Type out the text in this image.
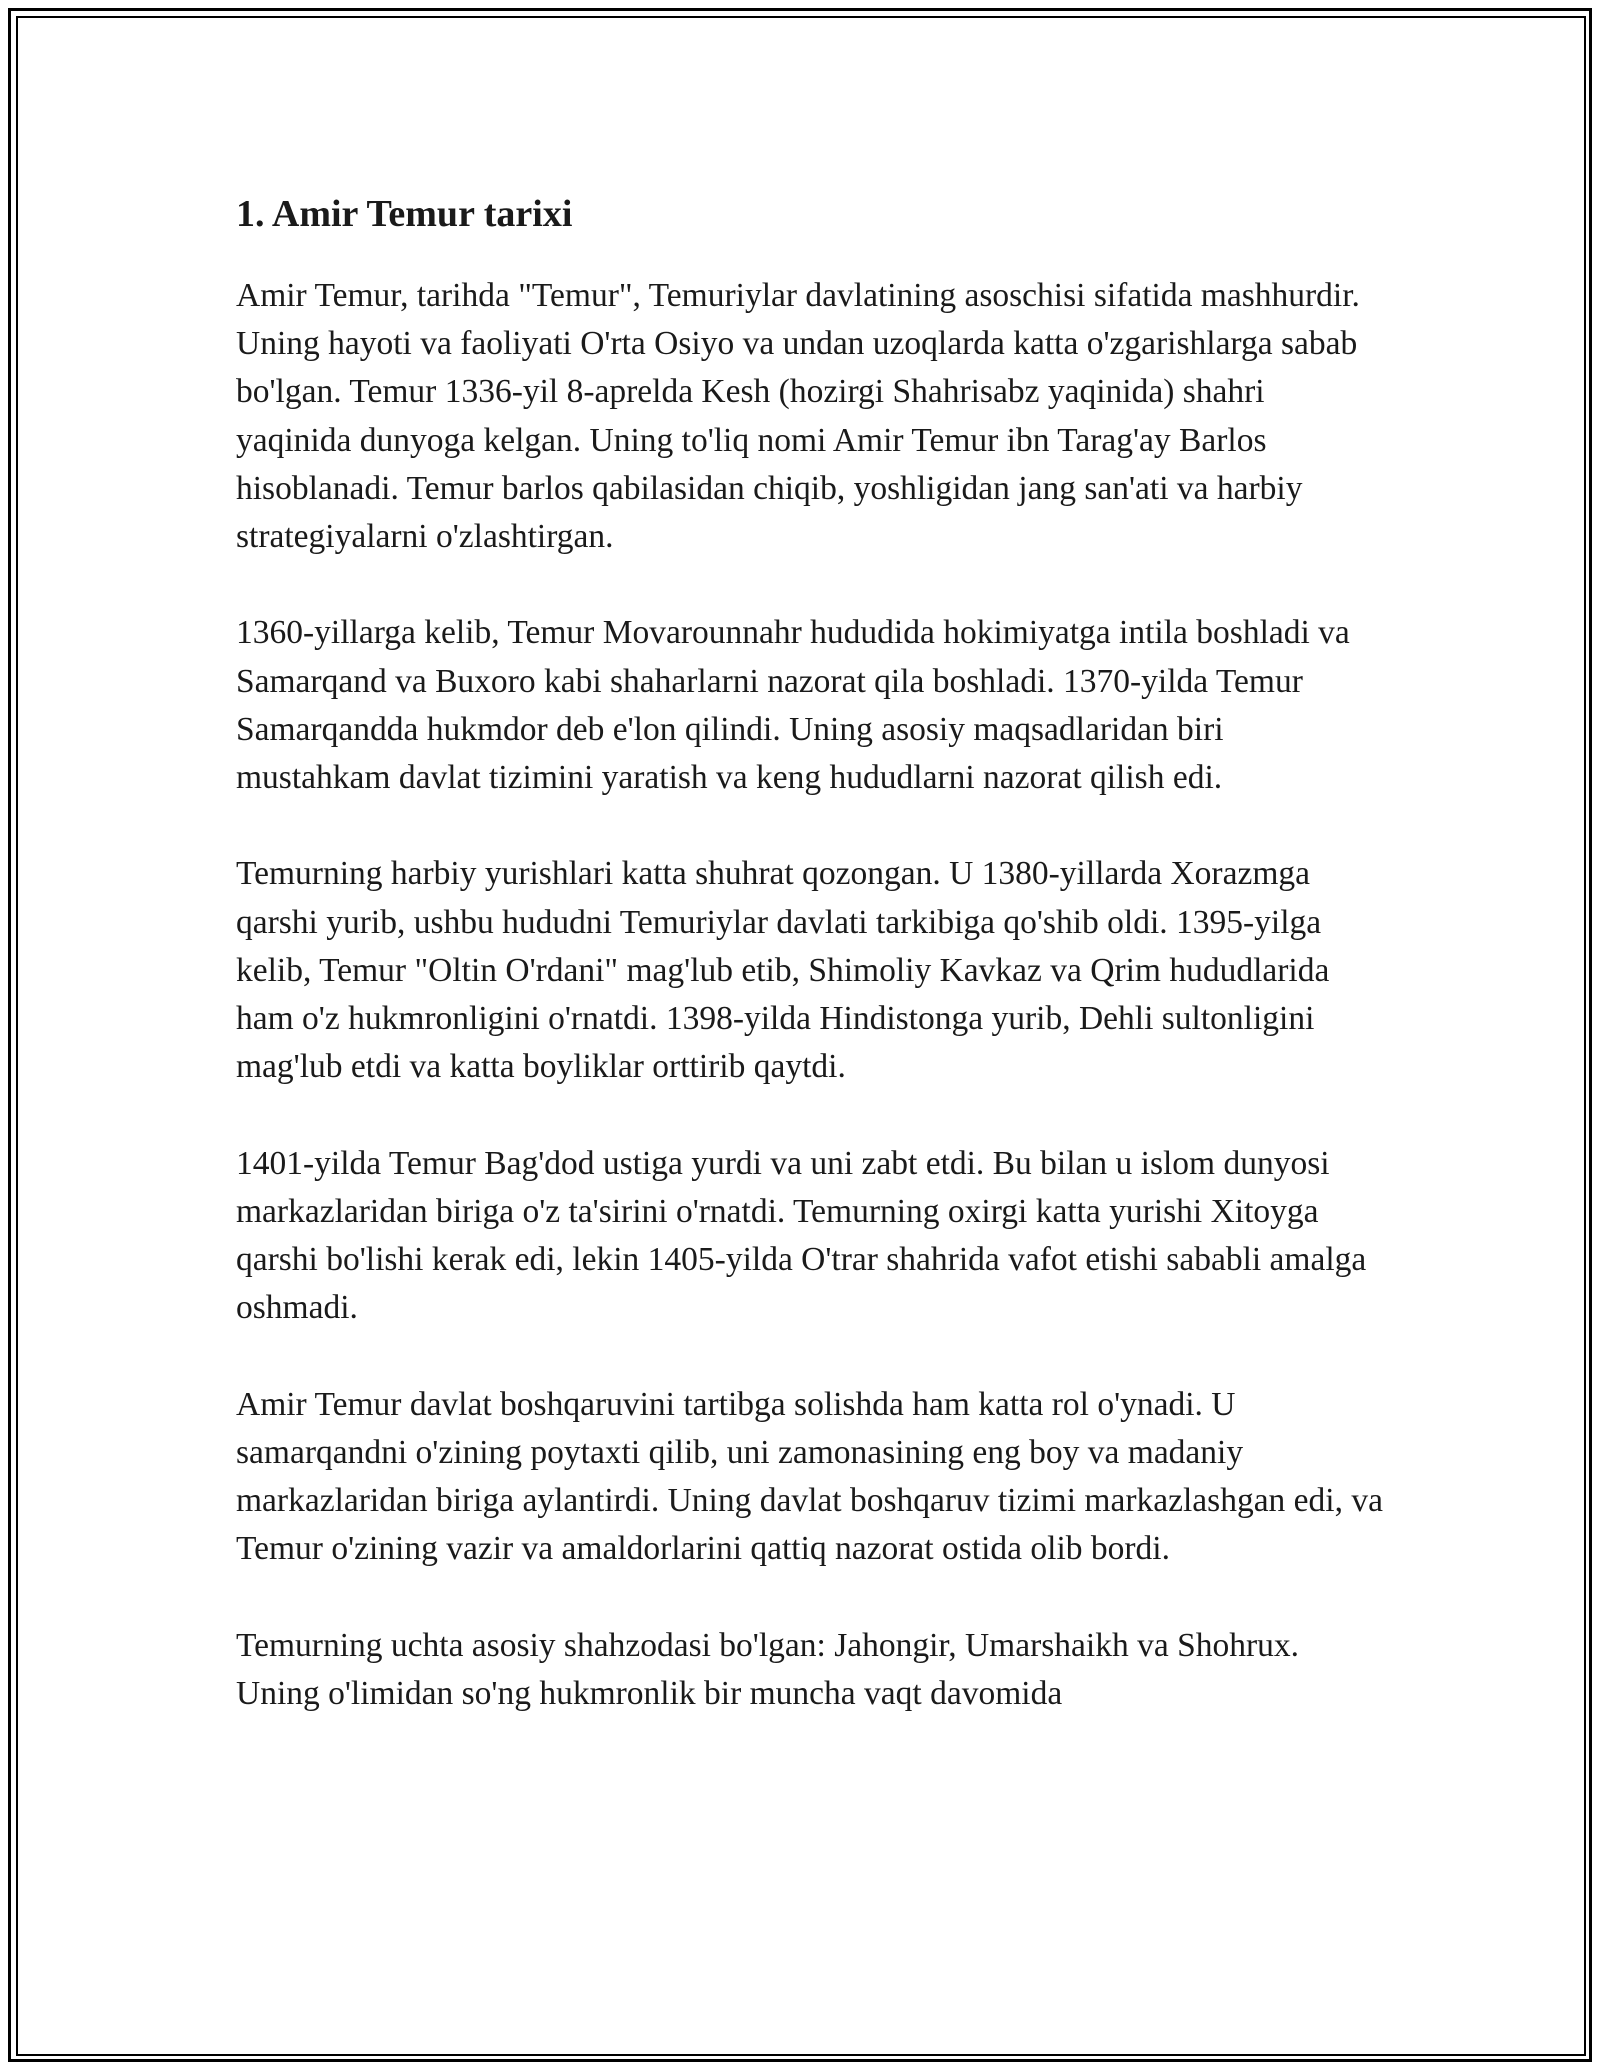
1. Amir Temur tarixi

Amir Temur, tarihda "Temur", Temuriylar davlatining asoschisi sifatida mashhurdir. Uning hayoti va faoliyati O'rta Osiyo va undan uzoqlarda katta o'zgarishlarga sabab bo'lgan. Temur 1336-yil 8-aprelda Kesh (hozirgi Shahrisabz yaqinida) shahri yaqinida dunyoga kelgan. Uning to'liq nomi Amir Temur ibn Tarag'ay Barlos hisoblanadi. Temur barlos qabilasidan chiqib, yoshligidan jang san'ati va harbiy strategiyalarni o'zlashtirgan.

1360-yillarga kelib, Temur Movarounnahr hududida hokimiyatga intila boshladi va Samarqand va Buxoro kabi shaharlarni nazorat qila boshladi. 1370-yilda Temur Samarqandda hukmdor deb e'lon qilindi. Uning asosiy maqsadlaridan biri mustahkam davlat tizimini yaratish va keng hududlarni nazorat qilish edi.

Temurning harbiy yurishlari katta shuhrat qozongan. U 1380-yillarda Xorazmga qarshi yurib, ushbu hududni Temuriylar davlati tarkibiga qo'shib oldi. 1395-yilga kelib, Temur "Oltin O'rdani" mag'lub etib, Shimoliy Kavkaz va Qrim hududlarida ham o'z hukmronligini o'rnatdi. 1398-yilda Hindistonga yurib, Dehli sultonligini mag'lub etdi va katta boyliklar orttirib qaytdi.

1401-yilda Temur Bag'dod ustiga yurdi va uni zabt etdi. Bu bilan u islom dunyosi markazlaridan biriga o'z ta'sirini o'rnatdi. Temurning oxirgi katta yurishi Xitoyga qarshi bo'lishi kerak edi, lekin 1405-yilda O'trar shahrida vafot etishi sababli amalga oshmadi.

Amir Temur davlat boshqaruvini tartibga solishda ham katta rol o'ynadi. U samarqandni o'zining poytaxti qilib, uni zamonasining eng boy va madaniy markazlaridan biriga aylantirdi. Uning davlat boshqaruv tizimi markazlashgan edi, va Temur o'zining vazir va amaldorlarini qattiq nazorat ostida olib bordi.

Temurning uchta asosiy shahzodasi bo'lgan: Jahongir, Umarshaikh va Shohrux. Uning o'limidan so'ng hukmronlik bir muncha vaqt davomida
